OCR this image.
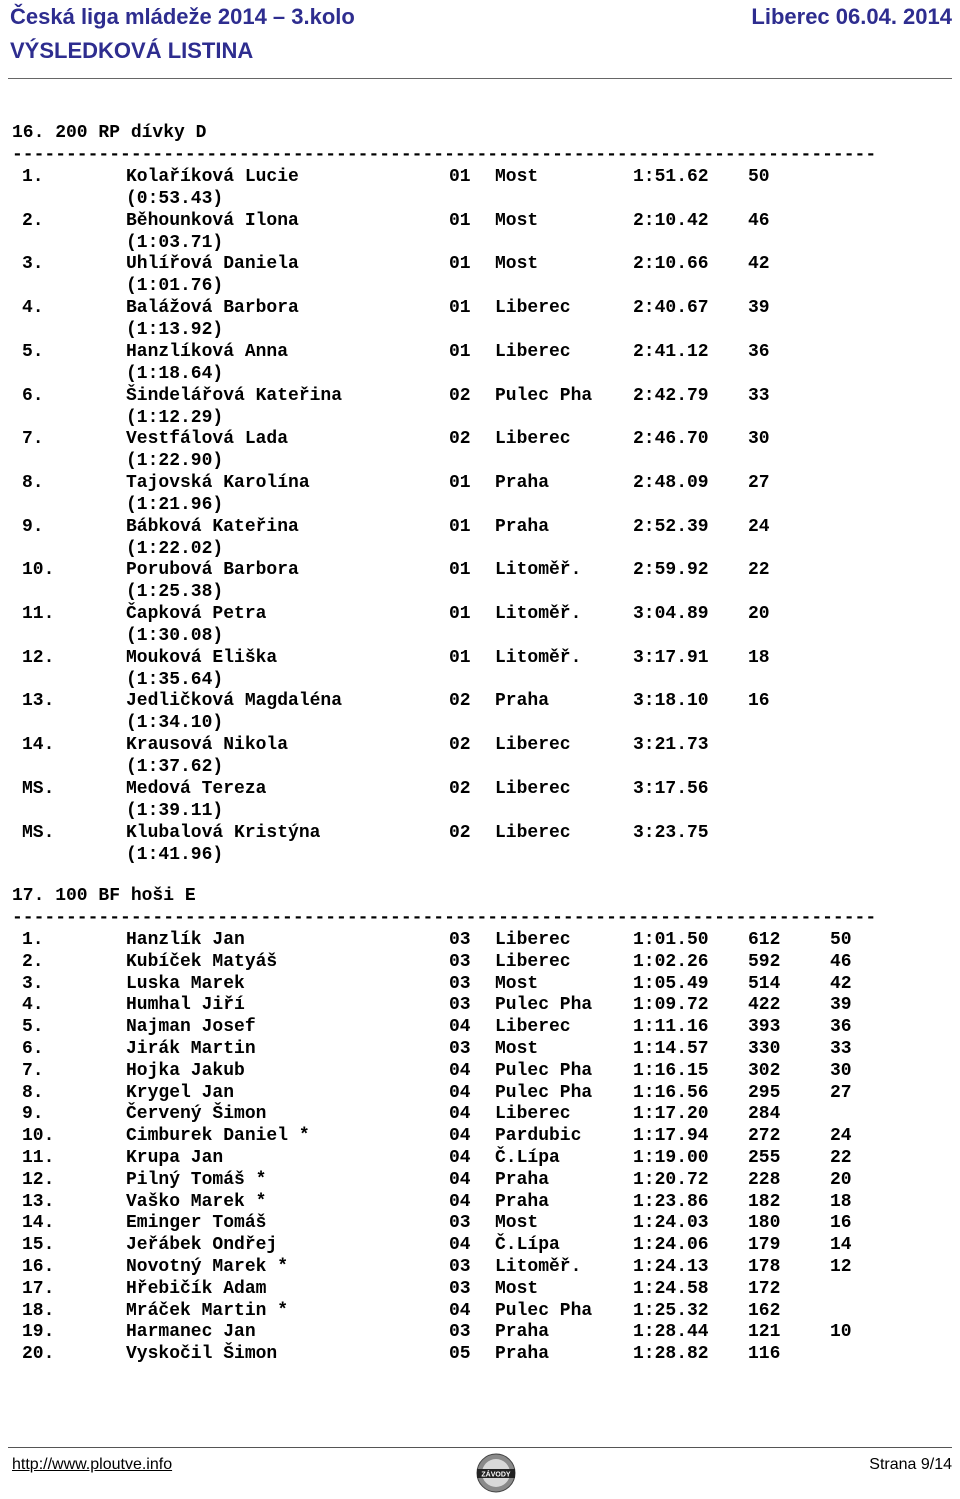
Česká liga mládeže 2014 – 3.kolo	Liberec 06.04. 2014
VÝSLEDKOVÁ LISTINA
16. 200 RP dívky D
--------------------------------------------------------------------------------
1.	Kolaříková Lucie	01 Most	1:51.62 50
(0:53.43)
2.	Běhounková Ilona	01 Most	2:10.42 46
(1:03.71)
3.	Uhlířová Daniela	01 Most	2:10.66 42
(1:01.76)
4.	Balážová Barbora	01 Liberec	2:40.67 39
(1:13.92)
5.	Hanzlíková Anna	01 Liberec	2:41.12 36
(1:18.64)
6.	Šindelářová Kateřina	02 Pulec Pha 2:42.79 33
(1:12.29)
7.	Vestfálová Lada	02 Liberec	2:46.70 30
(1:22.90)
8.	Tajovská Karolína	01 Praha	2:48.09 27
(1:21.96)
9.	Bábková Kateřina	01 Praha	2:52.39 24
(1:22.02)
10.	Porubová Barbora	01 Litoměř.	2:59.92 22
(1:25.38)
11.	Čapková Petra	01 Litoměř.	3:04.89 20
(1:30.08)
12.	Mouková Eliška	01 Litoměř.	3:17.91 18
(1:35.64)
13.	Jedličková Magdaléna	02 Praha	3:18.10 16
(1:34.10)
14.	Krausová Nikola	02 Liberec	3:21.73
(1:37.62)
MS.	Medová Tereza	02 Liberec	3:17.56
(1:39.11)
MS.	Klubalová Kristýna	02 Liberec	3:23.75
(1:41.96)
17. 100 BF hoši E
--------------------------------------------------------------------------------
1.	Hanzlík Jan	03 Liberec	1:01.50 612	50
2.	Kubíček Matyáš	03 Liberec	1:02.26 592	46
3.	Luska Marek	03 Most	1:05.49 514	42
4.	Humhal Jiří	03 Pulec Pha 1:09.72 422	39
5.	Najman Josef	04 Liberec	1:11.16 393	36
6.	Jirák Martin	03 Most	1:14.57 330	33
7.	Hojka Jakub	04 Pulec Pha 1:16.15 302	30
8.	Krygel Jan	04 Pulec Pha 1:16.56 295	27
9.	Červený Šimon	04 Liberec	1:17.20 284
10.	Cimburek Daniel *	04 Pardubic	1:17.94 272	24
11.	Krupa Jan	04 Č.Lípa	1:19.00 255	22
12.	Pilný Tomáš *	04 Praha	1:20.72 228	20
13.	Vaško Marek *	04 Praha	1:23.86 182	18
14.	Eminger Tomáš	03 Most	1:24.03 180	16
15.	Jeřábek Ondřej	04 Č.Lípa	1:24.06 179	14
16.	Novotný Marek *	03 Litoměř.	1:24.13 178	12
17.	Hřebičík Adam	03 Most	1:24.58 172
18.	Mráček Martin *	04 Pulec Pha 1:25.32 162
19.	Harmanec Jan	03 Praha	1:28.44 121	10
20.	Vyskočil Šimon	05 Praha	1:28.82 116
http://www.ploutve.info
ZÁVODY
Strana 9/14
